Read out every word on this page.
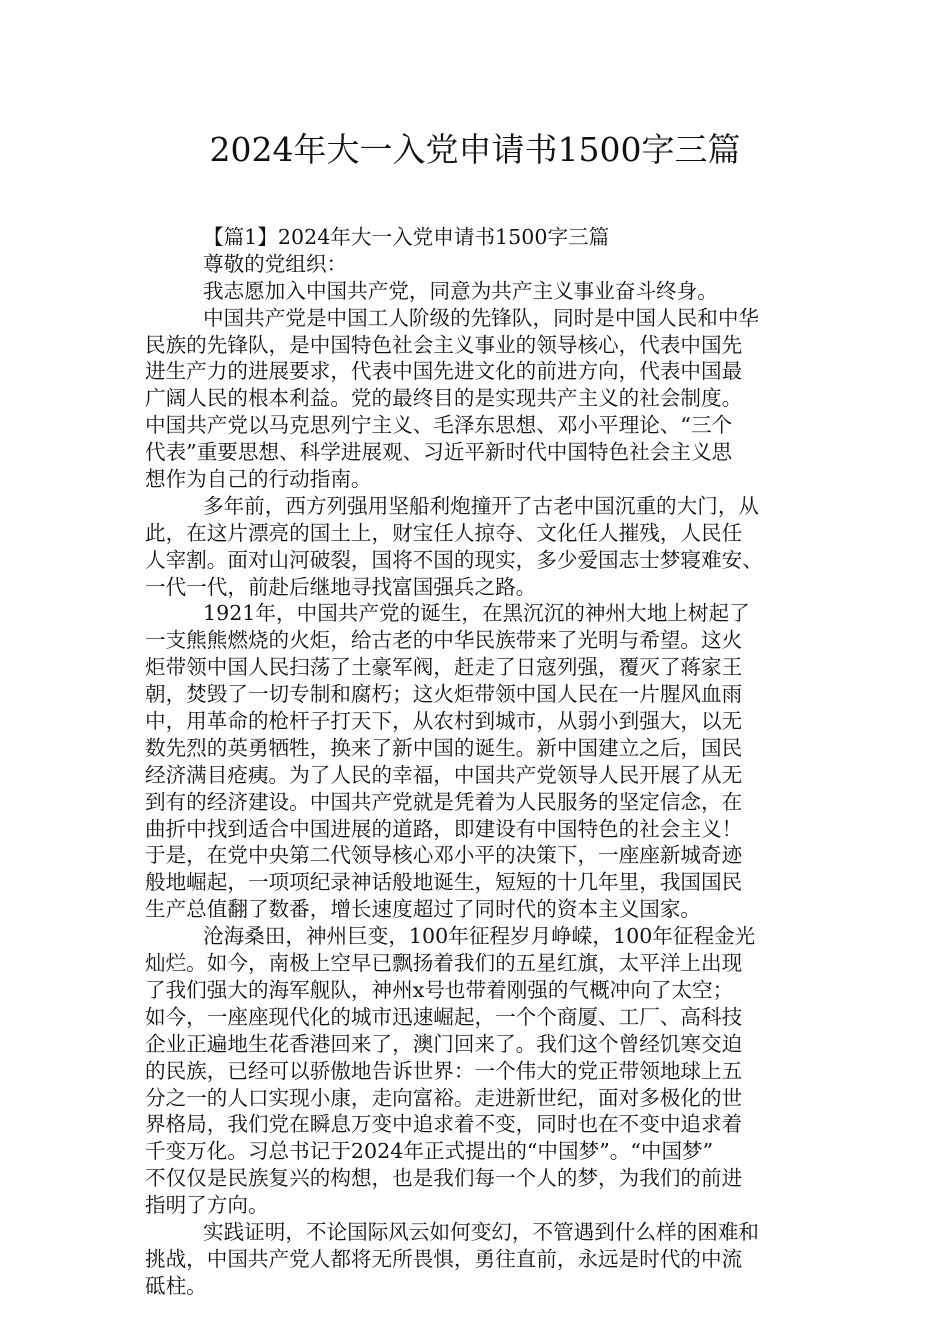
2024年大一入党申请书1500字三篇
【篇1】2024年大一入党申请书1500字三篇
尊敬的党组织：
我志愿加入中国共产党，同意为共产主义事业奋斗终身。
中国共产党是中国工人阶级的先锋队，同时是中国人民和中华
民族的先锋队，是中国特色社会主义事业的领导核心，代表中国先
进生产力的进展要求，代表中国先进文化的前进方向，代表中国最
广阔人民的根本利益。党的最终目的是实现共产主义的社会制度。
中国共产党以马克思列宁主义、毛泽东思想、邓小平理论、“三个
代表”重要思想、科学进展观、习近平新时代中国特色社会主义思
想作为自己的行动指南。
多年前，西方列强用坚船利炮撞开了古老中国沉重的大门，从
此，在这片漂亮的国土上，财宝任人掠夺、文化任人摧残，人民任
人宰割。面对山河破裂，国将不国的现实，多少爱国志士梦寝难安、
一代一代，前赴后继地寻找富国强兵之路。
1921年，中国共产党的诞生，在黑沉沉的神州大地上树起了
一支熊熊燃烧的火炬，给古老的中华民族带来了光明与希望。这火
炬带领中国人民扫荡了土豪军阀，赶走了日寇列强，覆灭了蒋家王
朝，焚毁了一切专制和腐朽；这火炬带领中国人民在一片腥风血雨
中，用革命的枪杆子打天下，从农村到城市，从弱小到强大，以无
数先烈的英勇牺牲，换来了新中国的诞生。新中国建立之后，国民
经济满目疮痍。为了人民的幸福，中国共产党领导人民开展了从无
到有的经济建设。中国共产党就是凭着为人民服务的坚定信念，在
曲折中找到适合中国进展的道路，即建设有中国特色的社会主义！
于是，在党中央第二代领导核心邓小平的决策下，一座座新城奇迹
般地崛起，一项项纪录神话般地诞生，短短的十几年里，我国国民
生产总值翻了数番，增长速度超过了同时代的资本主义国家。
沧海桑田，神州巨变，100年征程岁月峥嵘，100年征程金光
灿烂。如今，南极上空早已飘扬着我们的五星红旗，太平洋上出现
了我们强大的海军舰队，神州x号也带着刚强的气概冲向了太空；
如今，一座座现代化的城市迅速崛起，一个个商厦、工厂、高科技
企业正遍地生花香港回来了，澳门回来了。我们这个曾经饥寒交迫
的民族，已经可以骄傲地告诉世界：一个伟大的党正带领地球上五
分之一的人口实现小康，走向富裕。走进新世纪，面对多极化的世
界格局，我们党在瞬息万变中追求着不变，同时也在不变中追求着
千变万化。习总书记于2024年正式提出的“中国梦”。“中国梦”
不仅仅是民族复兴的构想，也是我们每一个人的梦，为我们的前进
指明了方向。
实践证明，不论国际风云如何变幻，不管遇到什么样的困难和
挑战，中国共产党人都将无所畏惧，勇往直前，永远是时代的中流
砥柱。
